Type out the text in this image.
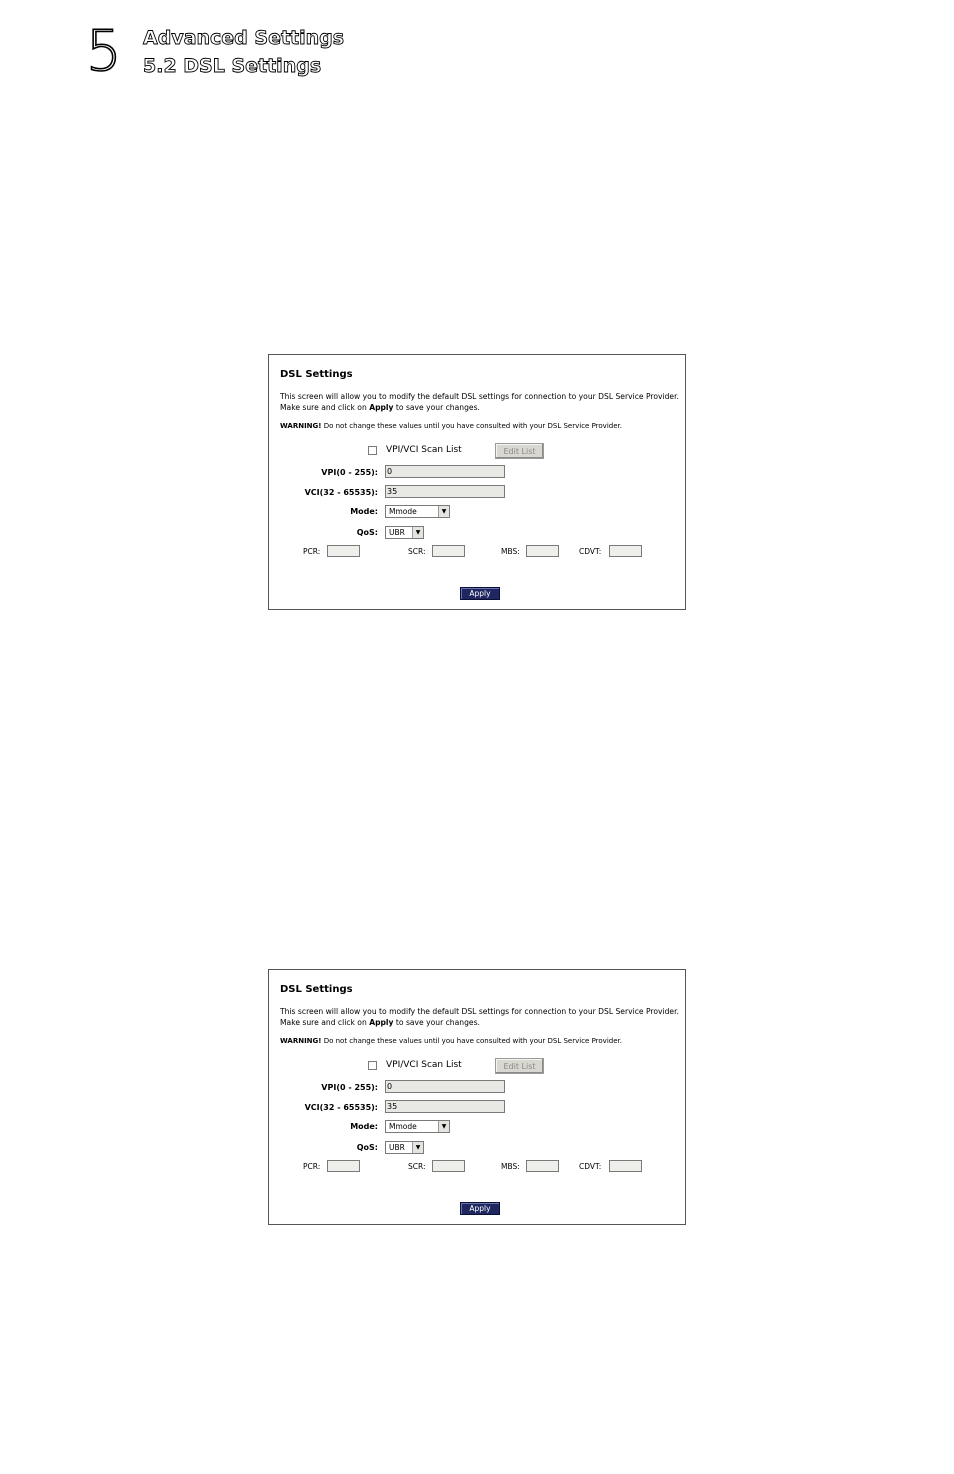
5 Advanced Settings
5.2 DSL Settings
DSL Settings
This screen will allow you to modify the default DSL settings for connection to your DSL Service Provider. Make sure and click on Apply to save your changes.
WARNING! Do not change these values until you have consulted with your DSL Service Provider.
VPI/VCI Scan List	Edit List
VPI(0 - 255): 0
VCI(32 - 65535): 35
Mode:	Mmode	▼
QoS:	UBR	▼
PCR:	SCR:	MBS:	CDVT:
Apply
DSL Settings
This screen will allow you to modify the default DSL settings for connection to your DSL Service Provider. Make sure and click on Apply to save your changes.
WARNING! Do not change these values until you have consulted with your DSL Service Provider.
VPI/VCI Scan List	Edit List
VPI(0 - 255): 0
VCI(32 - 65535): 35
Mode:	Mmode	▼
QoS:	UBR	▼
PCR:	SCR:	MBS:	CDVT:
Apply
